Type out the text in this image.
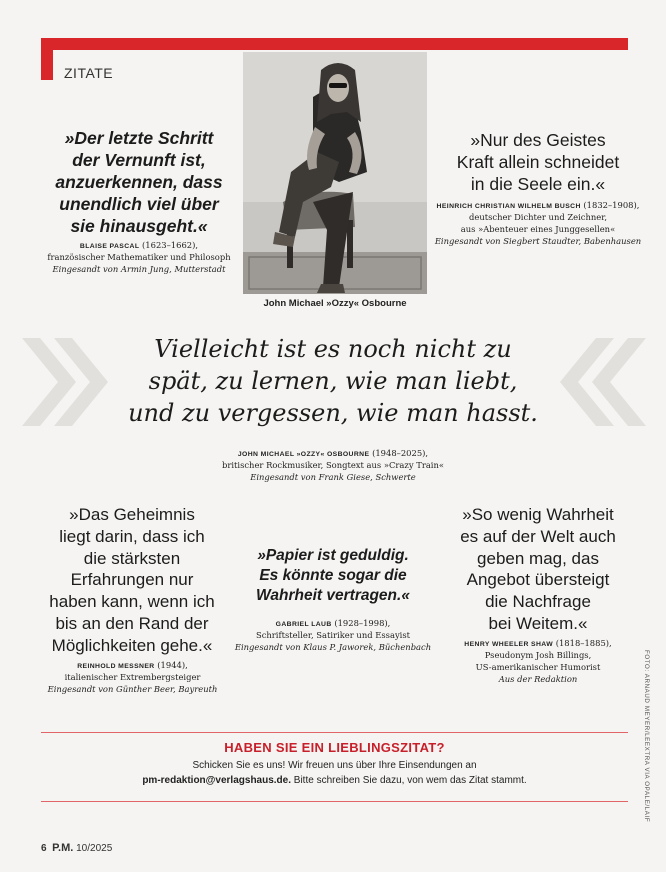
ZITATE
John Michael »Ozzy« Osbourne
»Der letzte Schritt
der Vernunft ist,
anzuerkennen, dass
unendlich viel über
sie hinausgeht.«
BLAISE PASCAL (1623–1662),
französischer Mathematiker und Philosoph
Eingesandt von Armin Jung, Mutterstadt
»Nur des Geistes
Kraft allein schneidet
in die Seele ein.«
HEINRICH CHRISTIAN WILHELM BUSCH (1832–1908),
deutscher Dichter und Zeichner,
aus »Abenteuer eines Junggesellen«
Eingesandt von Siegbert Staudter, Babenhausen
Vielleicht ist es noch nicht zu
spät, zu lernen, wie man liebt,
und zu vergessen, wie man hasst.
JOHN MICHAEL »OZZY« OSBOURNE (1948–2025),
britischer Rockmusiker, Songtext aus »Crazy Train«
Eingesandt von Frank Giese, Schwerte
»Das Geheimnis
liegt darin, dass ich
die stärksten
Erfahrungen nur
haben kann, wenn ich
bis an den Rand der
Möglichkeiten gehe.«
REINHOLD MESSNER (1944),
italienischer Extrembergsteiger
Eingesandt von Günther Beer, Bayreuth
»Papier ist geduldig.
Es könnte sogar die
Wahrheit vertragen.«
GABRIEL LAUB (1928–1998),
Schriftsteller, Satiriker und Essayist
Eingesandt von Klaus P. Jaworek, Büchenbach
»So wenig Wahrheit
es auf der Welt auch
geben mag, das
Angebot übersteigt
die Nachfrage
bei Weitem.«
HENRY WHEELER SHAW (1818–1885),
Pseudonym Josh Billings,
US-amerikanischer Humorist
Aus der Redaktion	FOTO: ARNAUD MEYER/LEEXTRA VIA OPALE/LAIF
HABEN SIE EIN LIEBLINGSZITAT?
Schicken Sie es uns! Wir freuen uns über Ihre Einsendungen an
pm-redaktion@verlagshaus.de. Bitte schreiben Sie dazu, von wem das Zitat stammt.
6 P.M. 10/2025
